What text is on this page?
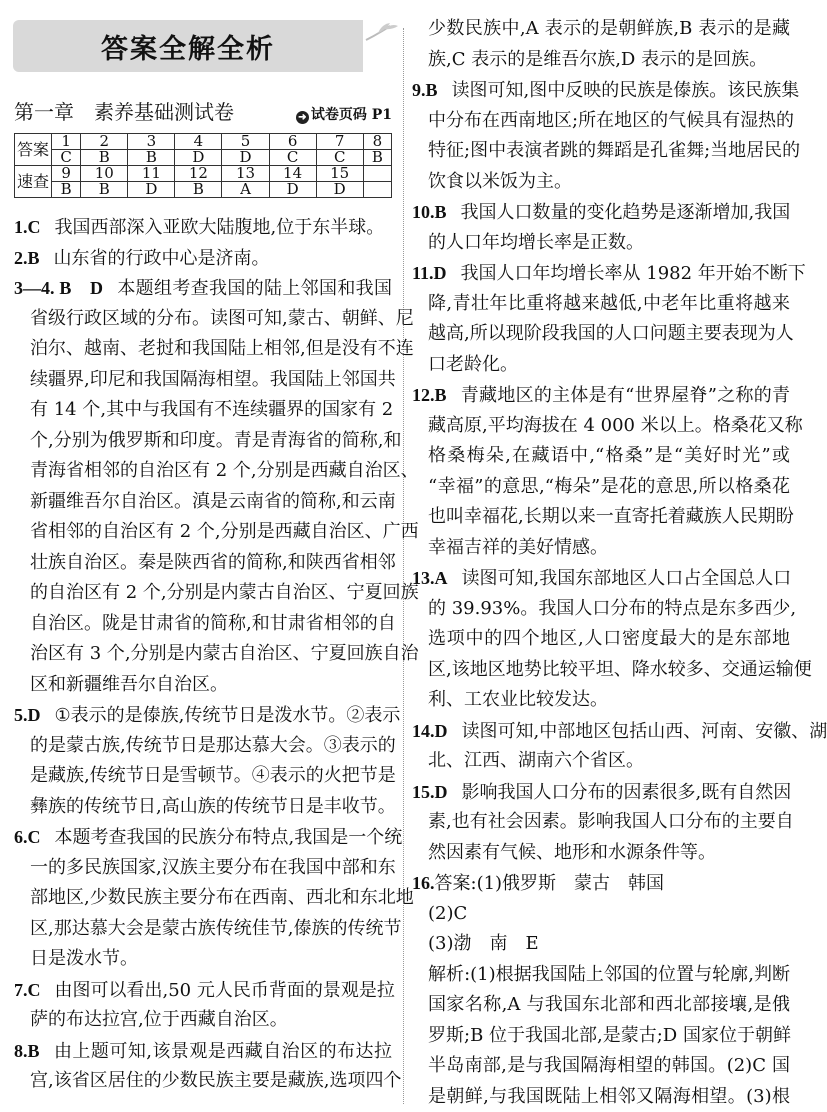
答案全解全析
第一章　素养基础测试卷	➜ 试卷页码 P1
答案	1	2	3	4	5	6	7	8
	C	B	B	D	D	C	C	B
速查	9	10	11	12	13	14	15	
	B	B	D	B	A	D	D	
1.C 我国西部深入亚欧大陆腹地,位于东半球。
2.B 山东省的行政中心是济南。
3—4. B　D 本题组考查我国的陆上邻国和我国
省级行政区域的分布。读图可知,蒙古、朝鲜、尼
泊尔、越南、老挝和我国陆上相邻,但是没有不连
续疆界,印尼和我国隔海相望。我国陆上邻国共
有 14 个,其中与我国有不连续疆界的国家有 2
个,分别为俄罗斯和印度。青是青海省的简称,和
青海省相邻的自治区有 2 个,分别是西藏自治区、
新疆维吾尔自治区。滇是云南省的简称,和云南
省相邻的自治区有 2 个,分别是西藏自治区、广西
壮族自治区。秦是陕西省的简称,和陕西省相邻
的自治区有 2 个,分别是内蒙古自治区、宁夏回族
自治区。陇是甘肃省的简称,和甘肃省相邻的自
治区有 3 个,分别是内蒙古自治区、宁夏回族自治
区和新疆维吾尔自治区。
5.D ①表示的是傣族,传统节日是泼水节。②表示
的是蒙古族,传统节日是那达慕大会。③表示的
是藏族,传统节日是雪顿节。④表示的火把节是
彝族的传统节日,高山族的传统节日是丰收节。
6.C 本题考查我国的民族分布特点,我国是一个统
一的多民族国家,汉族主要分布在我国中部和东
部地区,少数民族主要分布在西南、西北和东北地
区,那达慕大会是蒙古族传统佳节,傣族的传统节
日是泼水节。
7.C 由图可以看出,50 元人民币背面的景观是拉
萨的布达拉宫,位于西藏自治区。
8.B 由上题可知,该景观是西藏自治区的布达拉
宫,该省区居住的少数民族主要是藏族,选项四个
少数民族中,A 表示的是朝鲜族,B 表示的是藏
族,C 表示的是维吾尔族,D 表示的是回族。
9.B 读图可知,图中反映的民族是傣族。该民族集
中分布在西南地区;所在地区的气候具有湿热的
特征;图中表演者跳的舞蹈是孔雀舞;当地居民的
饮食以米饭为主。
10.B 我国人口数量的变化趋势是逐渐增加,我国
的人口年均增长率是正数。
11.D 我国人口年均增长率从 1982 年开始不断下
降,青壮年比重将越来越低,中老年比重将越来
越高,所以现阶段我国的人口问题主要表现为人
口老龄化。
12.B 青藏地区的主体是有“世界屋脊”之称的青
藏高原,平均海拔在 4 000 米以上。格桑花又称
格桑梅朵,在藏语中,“格桑”是“美好时光”或
“幸福”的意思,“梅朵”是花的意思,所以格桑花
也叫幸福花,长期以来一直寄托着藏族人民期盼
幸福吉祥的美好情感。
13.A 读图可知,我国东部地区人口占全国总人口
的 39.93%。我国人口分布的特点是东多西少,
选项中的四个地区,人口密度最大的是东部地
区,该地区地势比较平坦、降水较多、交通运输便
利、工农业比较发达。
14.D 读图可知,中部地区包括山西、河南、安徽、湖
北、江西、湖南六个省区。
15.D 影响我国人口分布的因素很多,既有自然因
素,也有社会因素。影响我国人口分布的主要自
然因素有气候、地形和水源条件等。
16.答案:(1)俄罗斯　蒙古　韩国
(2)C
(3)渤　南　E
解析:(1)根据我国陆上邻国的位置与轮廓,判断
国家名称,A 与我国东北部和西北部接壤,是俄
罗斯;B 位于我国北部,是蒙古;D 国家位于朝鲜
半岛南部,是与我国隔海相望的韩国。(2)C 国
是朝鲜,与我国既陆上相邻又隔海相望。(3)根
